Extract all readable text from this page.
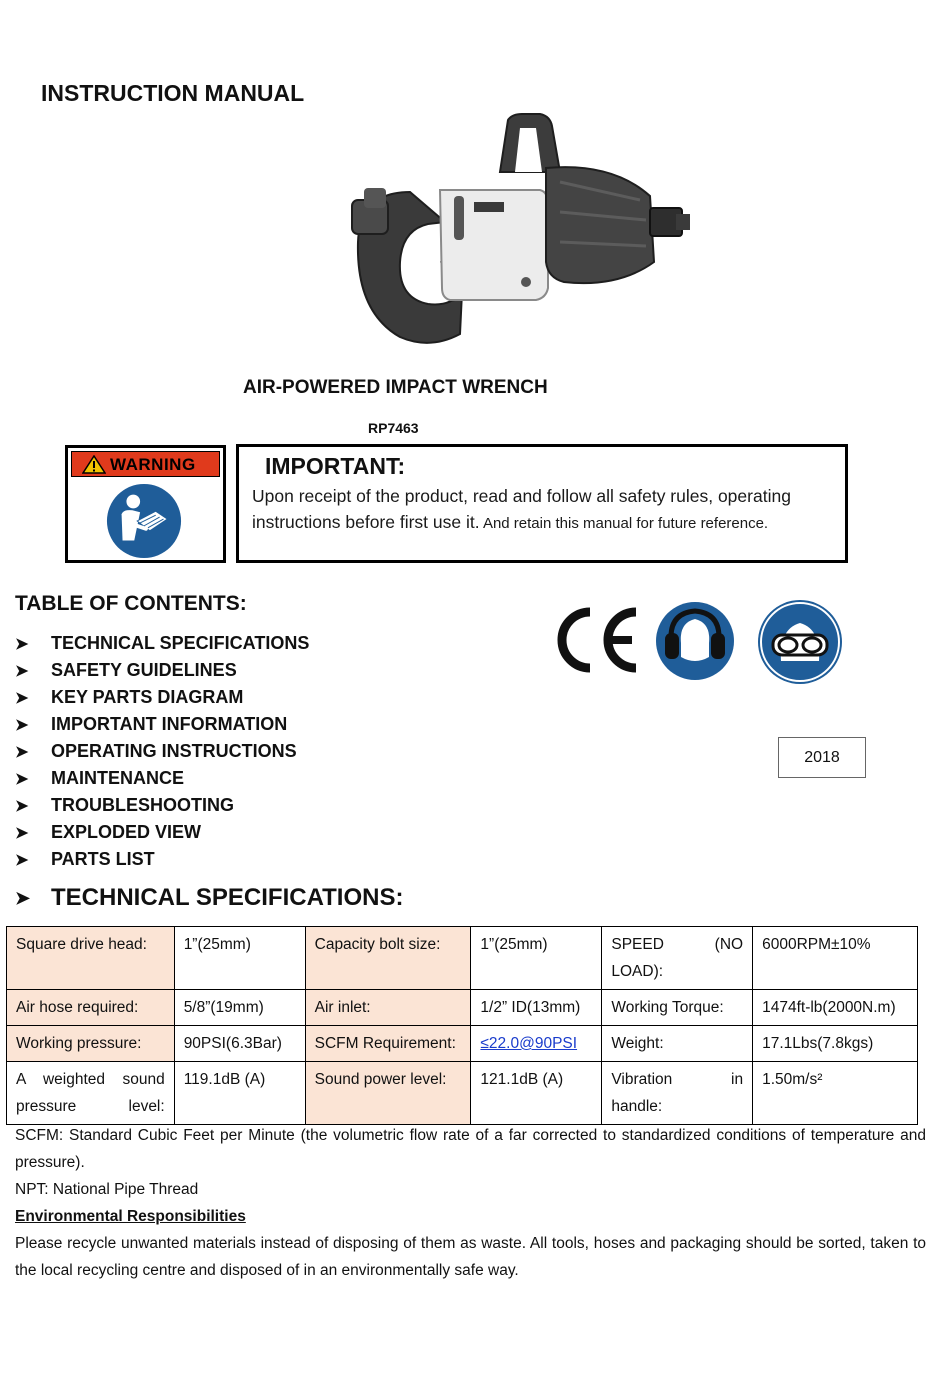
INSTRUCTION MANUAL
AIR-POWERED IMPACT WRENCH
RP7463
WARNING	IMPORTANT:
Upon receipt of the product, read and follow all safety rules, operating instructions before first use it. And retain this manual for future reference.
TABLE OF CONTENTS:
➤	TECHNICAL SPECIFICATIONS
➤	SAFETY GUIDELINES
➤	KEY PARTS DIAGRAM
➤	IMPORTANT INFORMATION
➤	OPERATING INSTRUCTIONS
➤	MAINTENANCE
➤	TROUBLESHOOTING
➤	EXPLODED VIEW
➤	PARTS LIST
2018
➤ TECHNICAL SPECIFICATIONS:
Square drive head:	1”(25mm)	Capacity bolt size:	1”(25mm)	SPEED (NO LOAD):	6000RPM±10%
Air hose required:	5/8”(19mm)	Air inlet:	1/2” ID(13mm)	Working Torque:	1474ft-lb(2000N.m)
Working pressure:	90PSI(6.3Bar)	SCFM Requirement:	≤22.0@90PSI	Weight:	17.1Lbs(7.8kgs)
A weighted sound pressure level:	119.1dB (A)	Sound power level:	121.1dB (A)	Vibration in handle:	1.50m/s²

SCFM: Standard Cubic Feet per Minute (the volumetric flow rate of a far corrected to standardized conditions of temperature and pressure).

NPT: National Pipe Thread

Environmental Responsibilities

Please recycle unwanted materials instead of disposing of them as waste. All tools, hoses and packaging should be sorted, taken to the local recycling centre and disposed of in an environmentally safe way.
